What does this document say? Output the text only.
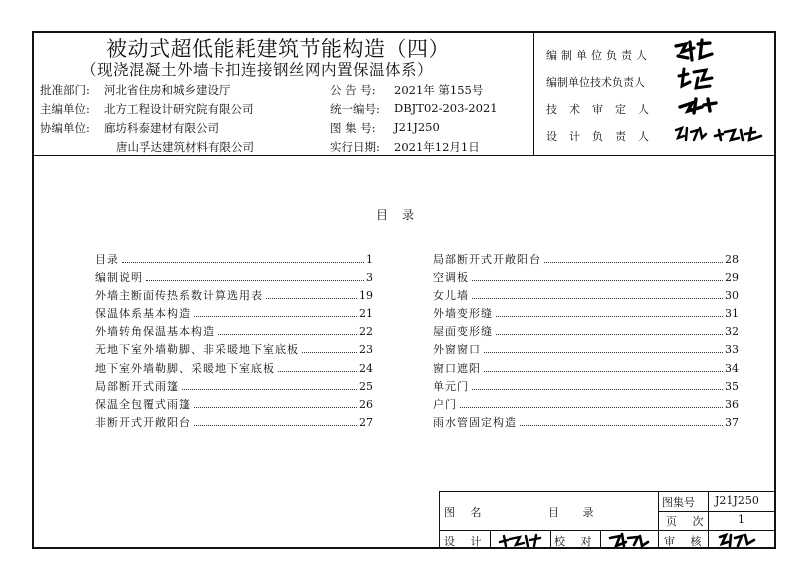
被动式超低能耗建筑节能构造（四）
（现浇混凝土外墙卡扣连接钢丝网内置保温体系）
批准部门: 河北省住房和城乡建设厅
主编单位: 北方工程设计研究院有限公司
协编单位: 廊坊科泰建材有限公司
唐山孚达建筑材料有限公司
公 告 号: 2021年 第155号
统一编号: DBJT02-203-2021
图 集 号: J21J250
实行日期: 2021年12月1日
编制单位负责人
编制单位技术负责人
技术审定人
设计负责人
目录
目录	1
编制说明	3
外墙主断面传热系数计算选用表	19
保温体系基本构造	21
外墙转角保温基本构造	22
无地下室外墙勒脚、非采暖地下室底板	23
地下室外墙勒脚、采暖地下室底板	24
局部断开式雨篷	25
保温全包覆式雨篷	26
非断开式开敞阳台	27
局部断开式开敞阳台	28
空调板	29
女儿墙	30
外墙变形缝	31
屋面变形缝	32
外窗窗口	33
窗口遮阳	34
单元门	35
户门	36
雨水管固定构造	37
图 名	目 录
图集号 J21J250
页 次	1
设 计	校 对	审 核
